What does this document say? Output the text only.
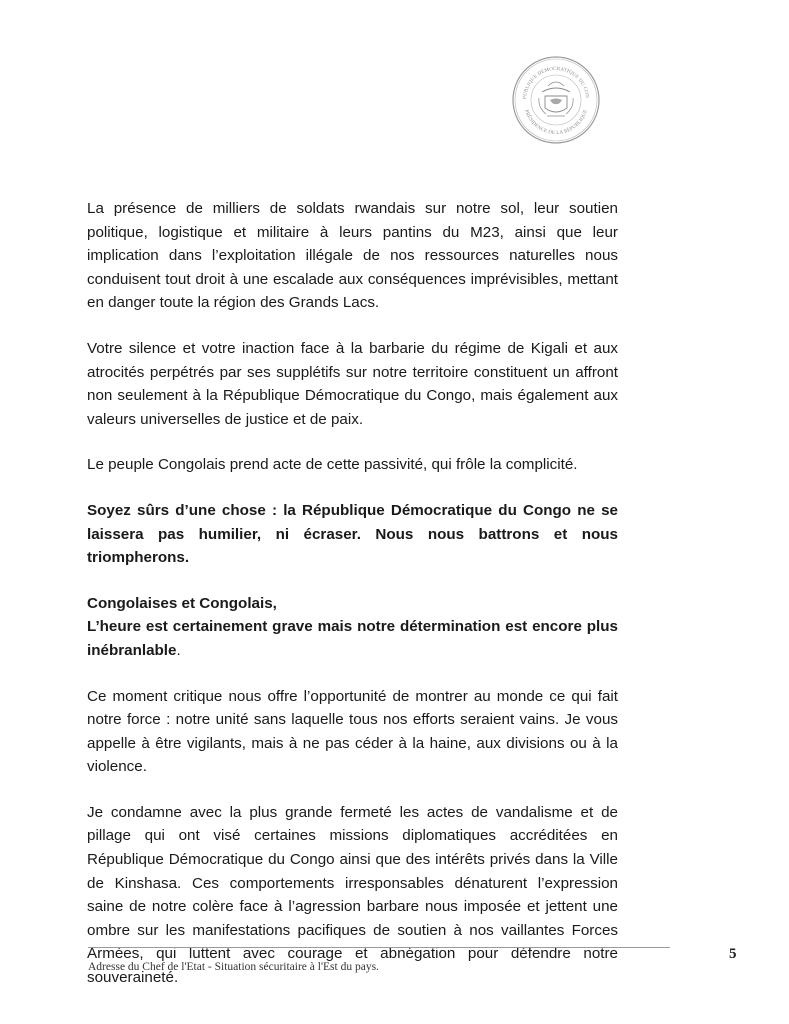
PUBLIQUE DÉMOCRATIQUE DU CON
PRÉSIDENCE DE LA RÉPUBLIQUE

La présence de milliers de soldats rwandais sur notre sol, leur soutien politique, logistique et militaire à leurs pantins du M23, ainsi que leur implication dans l’exploitation illégale de nos ressources naturelles nous conduisent tout droit à une escalade aux conséquences imprévisibles, mettant en danger toute la région des Grands Lacs.

Votre silence et votre inaction face à la barbarie du régime de Kigali et aux atrocités perpétrés par ses supplétifs sur notre territoire constituent un affront non seulement à la République Démocratique du Congo, mais également aux valeurs universelles de justice et de paix.

Le peuple Congolais prend acte de cette passivité, qui frôle la complicité.

Soyez sûrs d’une chose : la République Démocratique du Congo ne se laissera pas humilier, ni écraser. Nous nous battrons et nous triompherons.

Congolaises et Congolais,
L’heure est certainement grave mais notre détermination est encore plus inébranlable.

Ce moment critique nous offre l’opportunité de montrer au monde ce qui fait notre force : notre unité sans laquelle tous nos efforts seraient vains. Je vous appelle à être vigilants, mais à ne pas céder à la haine, aux divisions ou à la violence.

Je condamne avec la plus grande fermeté les actes de vandalisme et de pillage qui ont visé certaines missions diplomatiques accréditées en République Démocratique du Congo ainsi que des intérêts privés dans la Ville de Kinshasa. Ces comportements irresponsables dénaturent l’expression saine de notre colère face à l’agression barbare nous imposée et jettent une ombre sur les manifestations pacifiques de soutien à nos vaillantes Forces Armées, qui luttent avec courage et abnégation pour défendre notre souveraineté.

Adresse du Chef de l'Etat - Situation sécuritaire à l'Est du pays.
5
